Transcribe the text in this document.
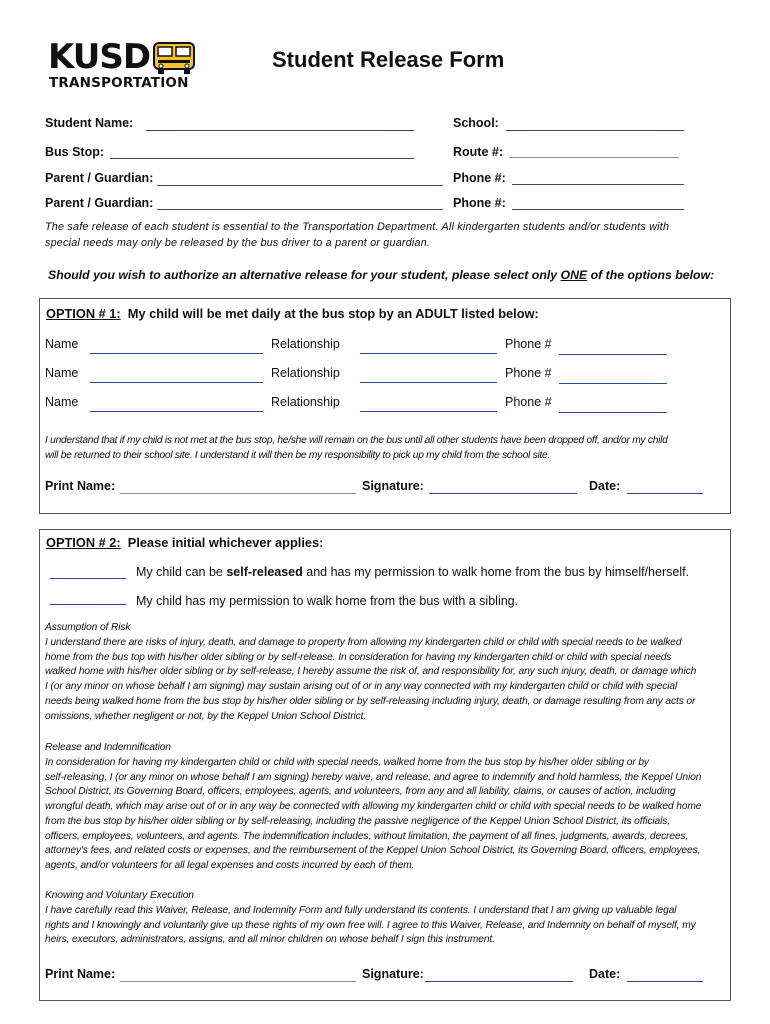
KUSD
TRANSPORTATION
Student Release Form
Student Name:	School:
Bus Stop:	Route #:
Parent / Guardian:	Phone #:
Parent / Guardian:	Phone #:
The safe release of each student is essential to the Transportation Department. All kindergarten students and/or students with
special needs may only be released by the bus driver to a parent or guardian.
Should you wish to authorize an alternative release for your student, please select only ONE of the options below:
OPTION # 1:  My child will be met daily at the bus stop by an ADULT listed below:
Name	Relationship	Phone #
Name	Relationship	Phone #
Name	Relationship	Phone #
I understand that if my child is not met at the bus stop, he/she will remain on the bus until all other students have been dropped off, and/or my child
will be returned to their school site. I understand it will then be my responsibility to pick up my child from the school site.
Print Name:	Signature:	Date:
OPTION # 2:  Please initial whichever applies:
My child can be self-released and has my permission to walk home from the bus by himself/herself.
My child has my permission to walk home from the bus with a sibling.
Assumption of Risk
I understand there are risks of injury, death, and damage to property from allowing my kindergarten child or child with special needs to be walked
home from the bus top with his/her older sibling or by self-release. In consideration for having my kindergarten child or child with special needs
walked home with his/her older sibling or by self-release, I hereby assume the risk of, and responsibility for, any such injury, death, or damage which
I (or any minor on whose behalf I am signing) may sustain arising out of or in any way connected with my kindergarten child or child with special
needs being walked home from the bus stop by his/her older sibling or by self-releasing including injury, death, or damage resulting from any acts or
omissions, whether negligent or not, by the Keppel Union School District.
Release and Indemnification
In consideration for having my kindergarten child or child with special needs, walked home from the bus stop by his/her older sibling or by
self-releasing, I (or any minor on whose behalf I am signing) hereby waive, and release, and agree to indemnify and hold harmless, the Keppel Union
School District, its Governing Board, officers, employees, agents, and volunteers, from any and all liability, claims, or causes of action, including
wrongful death, which may arise out of or in any way be connected with allowing my kindergarten child or child with special needs to be walked home
from the bus stop by his/her older sibling or by self-releasing, including the passive negligence of the Keppel Union School District, its officials,
officers, employees, volunteers, and agents. The indemnification includes, without limitation, the payment of all fines, judgments, awards, decrees,
attorney's fees, and related costs or expenses, and the reimbursement of the Keppel Union School District, its Governing Board, officers, employees,
agents, and/or volunteers for all legal expenses and costs incurred by each of them.
Knowing and Voluntary Execution
I have carefully read this Waiver, Release, and Indemnity Form and fully understand its contents. I understand that I am giving up valuable legal
rights and I knowingly and voluntarily give up these rights of my own free will. I agree to this Waiver, Release, and Indemnity on behalf of myself, my
heirs, executors, administrators, assigns, and all minor children on whose behalf I sign this instrument.
Print Name:	Signature:	Date:
